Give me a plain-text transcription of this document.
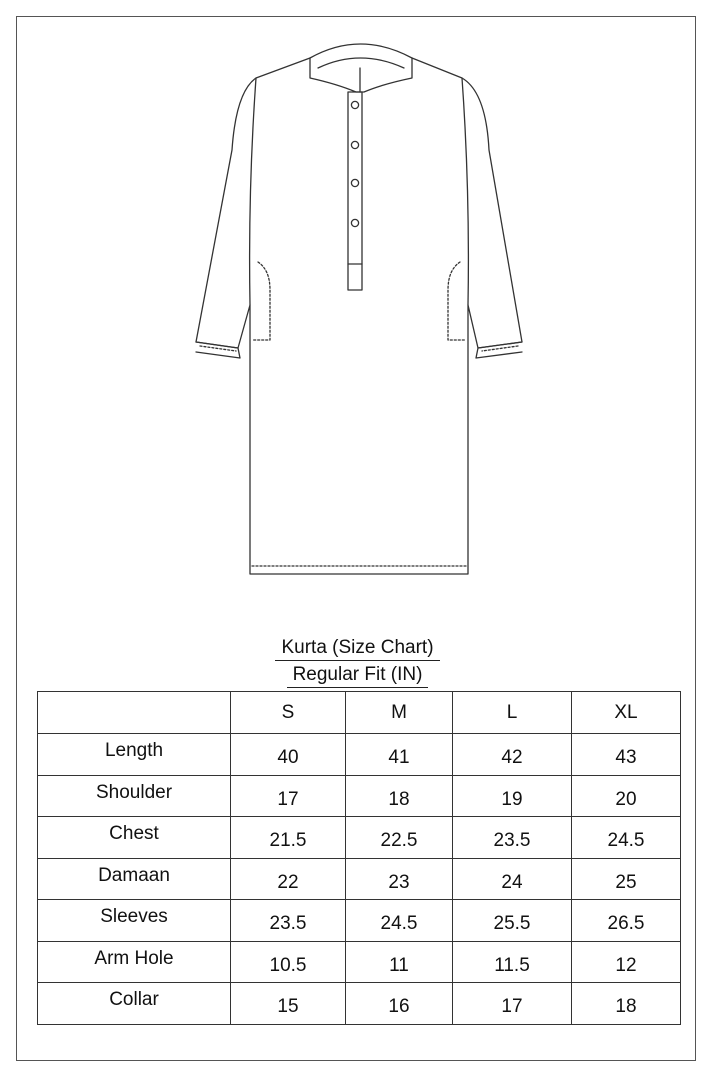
Kurta (Size Chart)
Regular Fit (IN)
	S	M	L	XL
Length	40	41	42	43
Shoulder	17	18	19	20
Chest	21.5	22.5	23.5	24.5
Damaan	22	23	24	25
Sleeves	23.5	24.5	25.5	26.5
Arm Hole	10.5	11	11.5	12
Collar	15	16	17	18
